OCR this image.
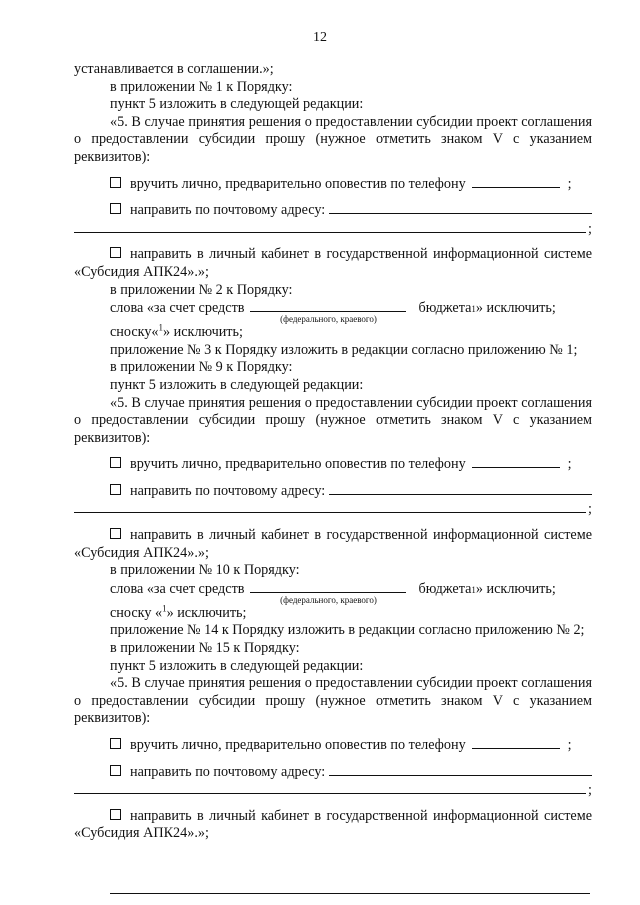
12

устанавливается в соглашении.»;

в приложении № 1 к Порядку:

пункт 5 изложить в следующей редакции:

«5. В случае принятия решения о предоставлении субсидии проект соглашения о предоставлении субсидии прошу (нужное отметить знаком V с указанием реквизитов):

вручить лично, предварительно оповестив по телефону	;
направить по почтовому адресу:
;

направить в личный кабинет в государственной информационной системе «Субсидия АПК24».»;

в приложении № 2 к Порядку:

слова «за счет средств
(федерального, краевого)
бюджета 1 » исключить;

сноску«$^1$» исключить;

приложение № 3 к Порядку изложить в редакции согласно приложению № 1;

в приложении № 9 к Порядку:

пункт 5 изложить в следующей редакции:

«5. В случае принятия решения о предоставлении субсидии проект соглашения о предоставлении субсидии прошу (нужное отметить знаком V с указанием реквизитов):

вручить лично, предварительно оповестив по телефону	;
направить по почтовому адресу:
;

направить в личный кабинет в государственной информационной системе «Субсидия АПК24».»;

в приложении № 10 к Порядку:

слова «за счет средств
(федерального, краевого)
бюджета 1 » исключить;

сноску «$^1$» исключить;

приложение № 14 к Порядку изложить в редакции согласно приложению № 2;

в приложении № 15 к Порядку:

пункт 5 изложить в следующей редакции:

«5. В случае принятия решения о предоставлении субсидии проект соглашения о предоставлении субсидии прошу (нужное отметить знаком V с указанием реквизитов):

вручить лично, предварительно оповестив по телефону	;
направить по почтовому адресу:
;

направить в личный кабинет в государственной информационной системе «Субсидия АПК24».»;
